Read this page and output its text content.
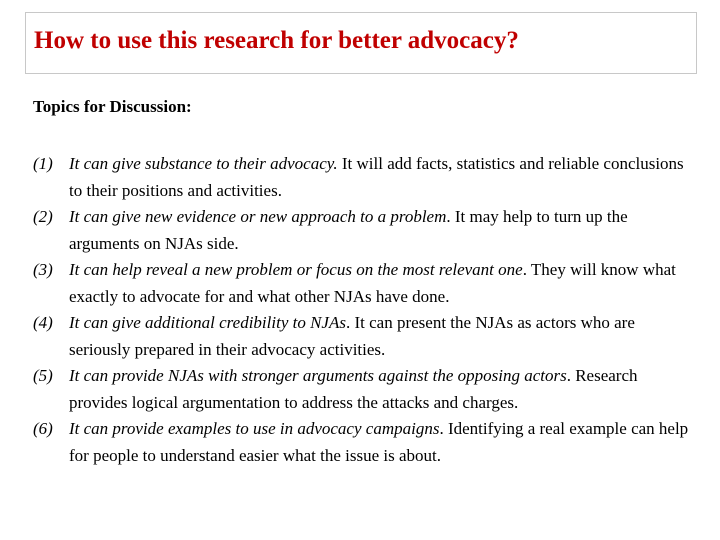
How to use this research for better advocacy?

Topics for Discussion:

(1) It can give substance to their advocacy. It will add facts, statistics and reliable conclusions to their positions and activities.
(2) It can give new evidence or new approach to a problem. It may help to turn up the arguments on NJAs side.
(3) It can help reveal a new problem or focus on the most relevant one. They will know what exactly to advocate for and what other NJAs have done.
(4) It can give additional credibility to NJAs. It can present the NJAs as actors who are seriously prepared in their advocacy activities.
(5) It can provide NJAs with stronger arguments against the opposing actors. Research provides logical argumentation to address the attacks and charges.
(6) It can provide examples to use in advocacy campaigns. Identifying a real example can help for people to understand easier what the issue is about.
